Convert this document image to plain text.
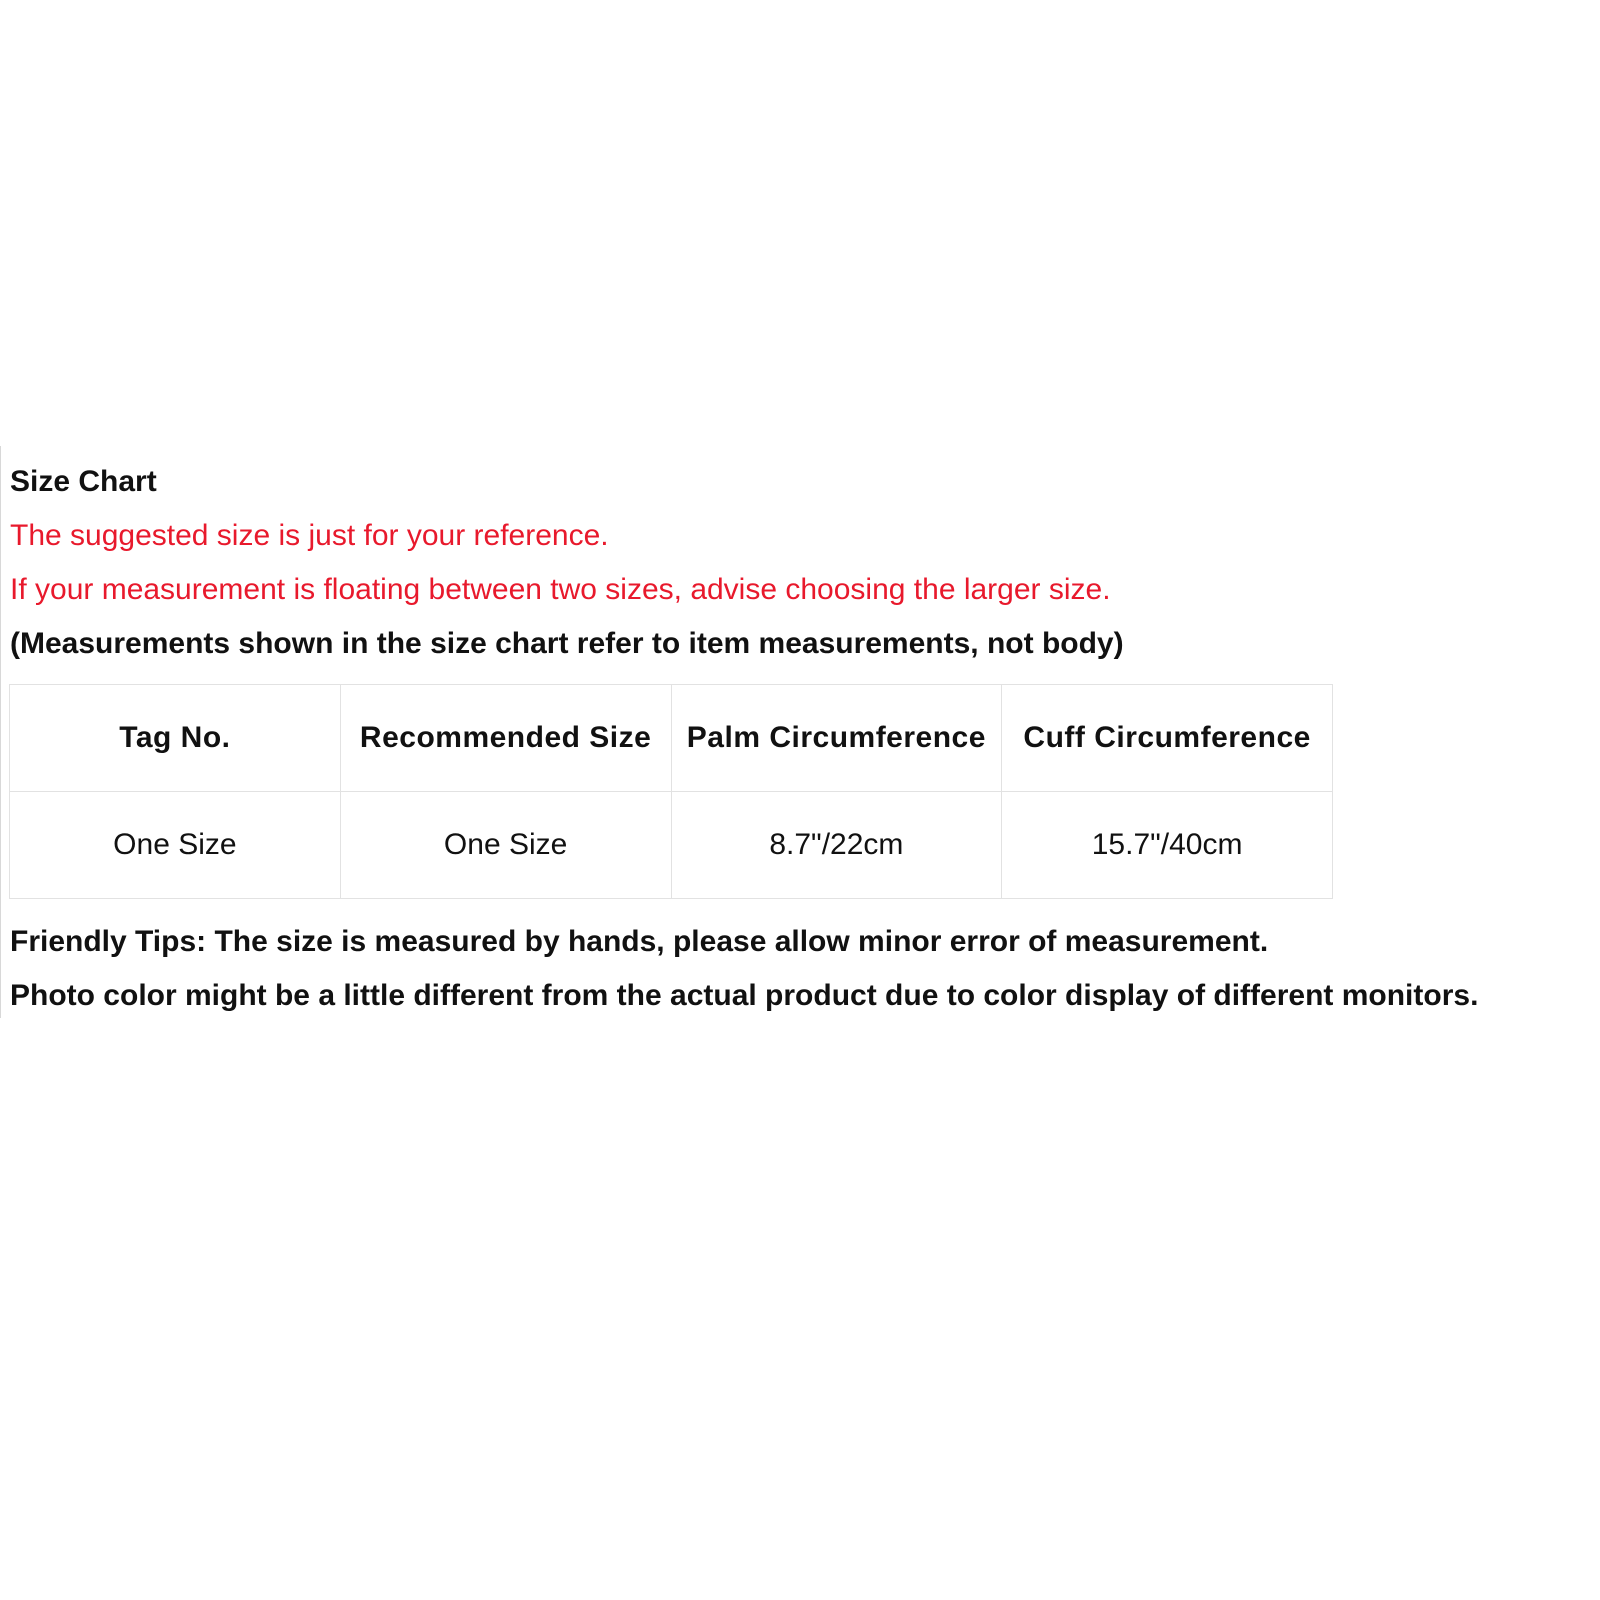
Size Chart
The suggested size is just for your reference.
If your measurement is floating between two sizes, advise choosing the larger size.
(Measurements shown in the size chart refer to item measurements, not body)
Tag No.	Recommended Size	Palm Circumference	Cuff Circumference
One Size	One Size	8.7"/22cm	15.7"/40cm
Friendly Tips: The size is measured by hands, please allow minor error of measurement.
Photo color might be a little different from the actual product due to color display of different monitors.
